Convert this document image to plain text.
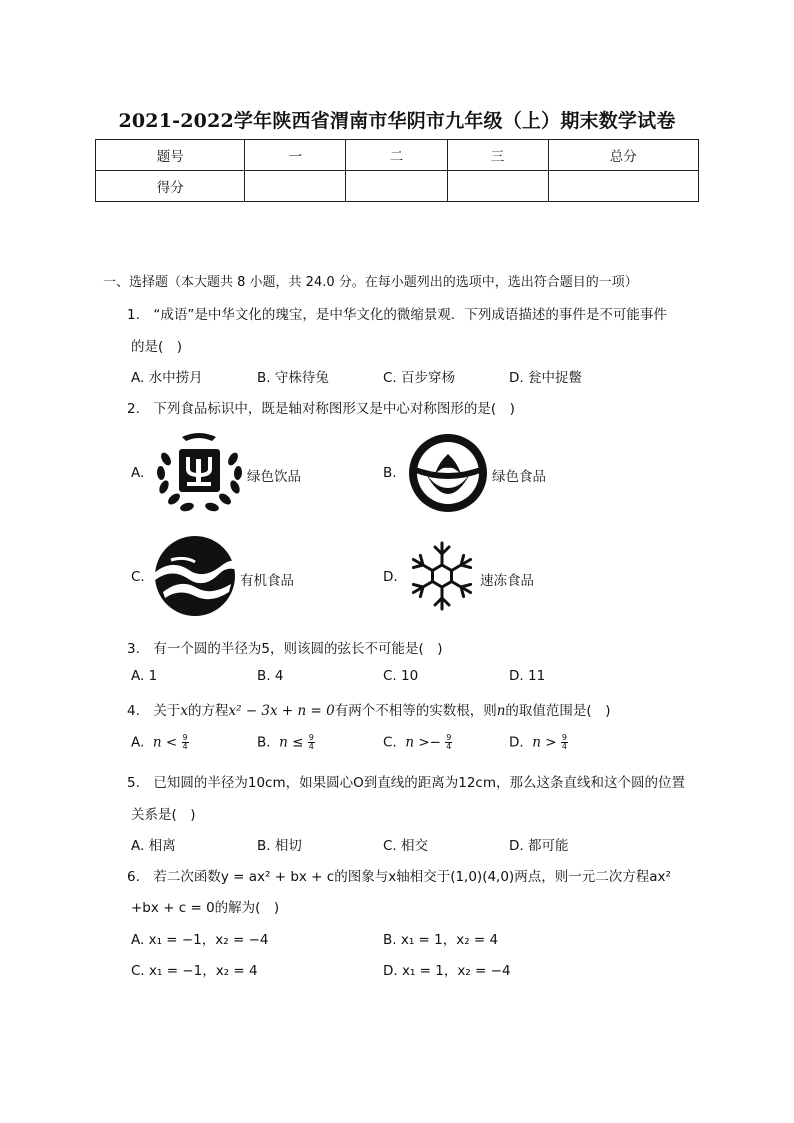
2021-2022学年陕西省渭南市华阴市九年级（上）期末数学试卷
题号	一	二	三	总分
得分				
一、选择题（本大题共 8 小题，共 24.0 分。在每小题列出的选项中，选出符合题目的一项）
1.　“成语”是中华文化的瑰宝，是中华文化的微缩景观．下列成语描述的事件是不可能事件
的是(　)
A. 水中捞月	B. 守株待兔	C. 百步穿杨	D. 瓮中捉鳖
2.　下列食品标识中，既是轴对称图形又是中心对称图形的是(　)
A.	绿色饮品	B.	绿色食品
C.	有机食品	D.	速冻食品
3.　有一个圆的半径为5，则该圆的弦长不可能是(　)
A. 1	B. 4	C. 10	D. 11
4.　 关于x的方程x² − 3x + n = 0有两个不相等的实数根，则n的取值范围是(　)
A. $n < \frac{9}{4}$	B. $n \le \frac{9}{4}$	C. $n >- \frac{9}{4}$	D. $n > \frac{9}{4}$
5.　已知圆的半径为10cm，如果圆心O到直线的距离为12cm，那么这条直线和这个圆的位置
关系是(　)
A. 相离	B. 相切	C. 相交	D. 都可能
6.　若二次函数y = ax² + bx + c的图象与x轴相交于(1,0)(4,0)两点，则一元二次方程ax²
+bx + c = 0的解为(　)
A. x₁ = −1，x₂ = −4	B. x₁ = 1，x₂ = 4
C. x₁ = −1，x₂ = 4	D. x₁ = 1，x₂ = −4
